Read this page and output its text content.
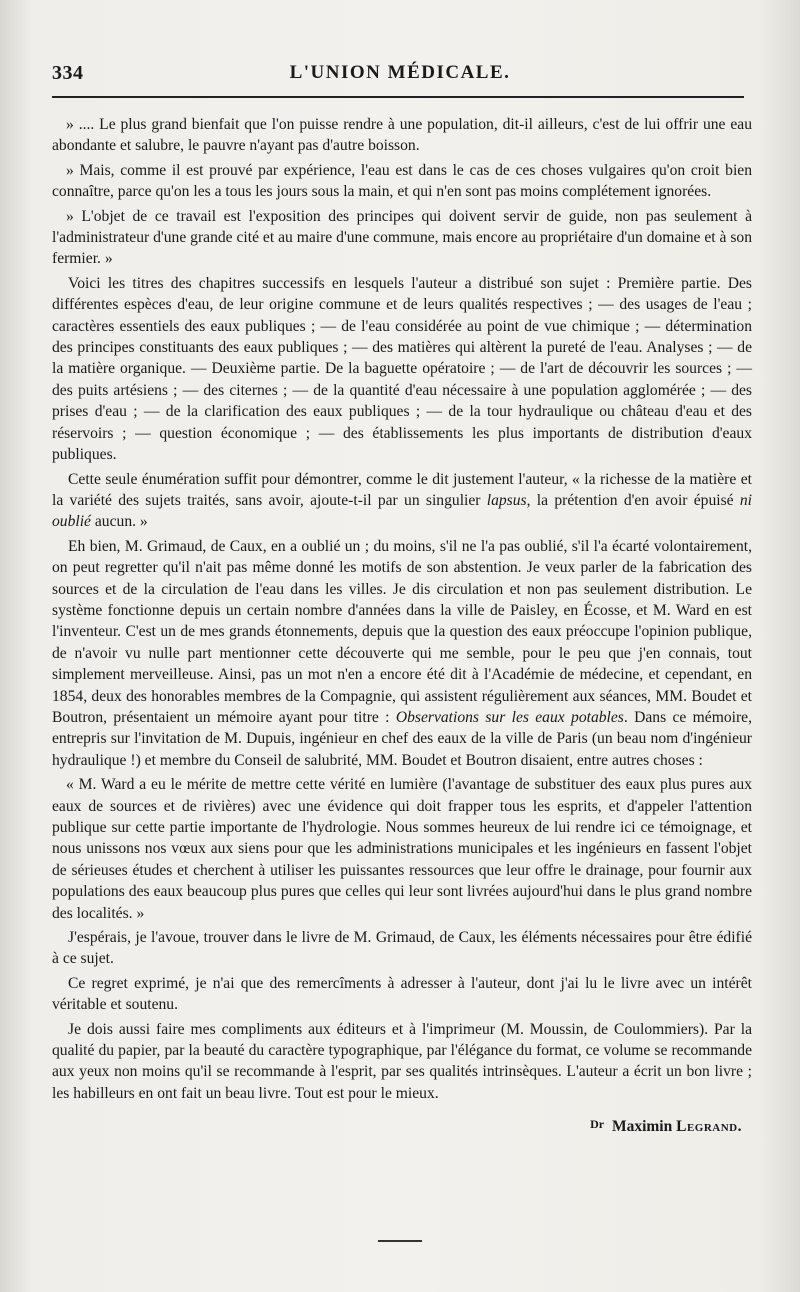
334	L'UNION MÉDICALE.

» .... Le plus grand bienfait que l'on puisse rendre à une population, dit-il ailleurs, c'est de lui offrir une eau abondante et salubre, le pauvre n'ayant pas d'autre boisson.

» Mais, comme il est prouvé par expérience, l'eau est dans le cas de ces choses vulgaires qu'on croit bien connaître, parce qu'on les a tous les jours sous la main, et qui n'en sont pas moins complétement ignorées.

» L'objet de ce travail est l'exposition des principes qui doivent servir de guide, non pas seulement à l'administrateur d'une grande cité et au maire d'une commune, mais encore au propriétaire d'un domaine et à son fermier. »

Voici les titres des chapitres successifs en lesquels l'auteur a distribué son sujet : Première partie. Des différentes espèces d'eau, de leur origine commune et de leurs qualités respectives ; — des usages de l'eau ; caractères essentiels des eaux publiques ; — de l'eau considérée au point de vue chimique ; — détermination des principes constituants des eaux publiques ; — des matières qui altèrent la pureté de l'eau. Analyses ; — de la matière organique. — Deuxième partie. De la baguette opératoire ; — de l'art de découvrir les sources ; — des puits artésiens ; — des citernes ; — de la quantité d'eau nécessaire à une population agglomérée ; — des prises d'eau ; — de la clarification des eaux publiques ; — de la tour hydraulique ou château d'eau et des réservoirs ; — question économique ; — des établissements les plus importants de distribution d'eaux publiques.

Cette seule énumération suffit pour démontrer, comme le dit justement l'auteur, « la richesse de la matière et la variété des sujets traités, sans avoir, ajoute-t-il par un singulier lapsus, la prétention d'en avoir épuisé ni oublié aucun. »

Eh bien, M. Grimaud, de Caux, en a oublié un ; du moins, s'il ne l'a pas oublié, s'il l'a écarté volontairement, on peut regretter qu'il n'ait pas même donné les motifs de son abstention. Je veux parler de la fabrication des sources et de la circulation de l'eau dans les villes. Je dis circulation et non pas seulement distribution. Le système fonctionne depuis un certain nombre d'années dans la ville de Paisley, en Écosse, et M. Ward en est l'inventeur. C'est un de mes grands étonnements, depuis que la question des eaux préoccupe l'opinion publique, de n'avoir vu nulle part mentionner cette découverte qui me semble, pour le peu que j'en connais, tout simplement merveilleuse. Ainsi, pas un mot n'en a encore été dit à l'Académie de médecine, et cependant, en 1854, deux des honorables membres de la Compagnie, qui assistent régulièrement aux séances, MM. Boudet et Boutron, présentaient un mémoire ayant pour titre : Observations sur les eaux potables. Dans ce mémoire, entrepris sur l'invitation de M. Dupuis, ingénieur en chef des eaux de la ville de Paris (un beau nom d'ingénieur hydraulique !) et membre du Conseil de salubrité, MM. Boudet et Boutron disaient, entre autres choses :

« M. Ward a eu le mérite de mettre cette vérité en lumière (l'avantage de substituer des eaux plus pures aux eaux de sources et de rivières) avec une évidence qui doit frapper tous les esprits, et d'appeler l'attention publique sur cette partie importante de l'hydrologie. Nous sommes heureux de lui rendre ici ce témoignage, et nous unissons nos vœux aux siens pour que les administrations municipales et les ingénieurs en fassent l'objet de sérieuses études et cherchent à utiliser les puissantes ressources que leur offre le drainage, pour fournir aux populations des eaux beaucoup plus pures que celles qui leur sont livrées aujourd'hui dans le plus grand nombre des localités. »

J'espérais, je l'avoue, trouver dans le livre de M. Grimaud, de Caux, les éléments nécessaires pour être édifié à ce sujet.

Ce regret exprimé, je n'ai que des remercîments à adresser à l'auteur, dont j'ai lu le livre avec un intérêt véritable et soutenu.

Je dois aussi faire mes compliments aux éditeurs et à l'imprimeur (M. Moussin, de Coulommiers). Par la qualité du papier, par la beauté du caractère typographique, par l'élégance du format, ce volume se recommande aux yeux non moins qu'il se recommande à l'esprit, par ses qualités intrinsèques. L'auteur a écrit un bon livre ; les habilleurs en ont fait un beau livre. Tout est pour le mieux.

Dr Maximin Legrand.
